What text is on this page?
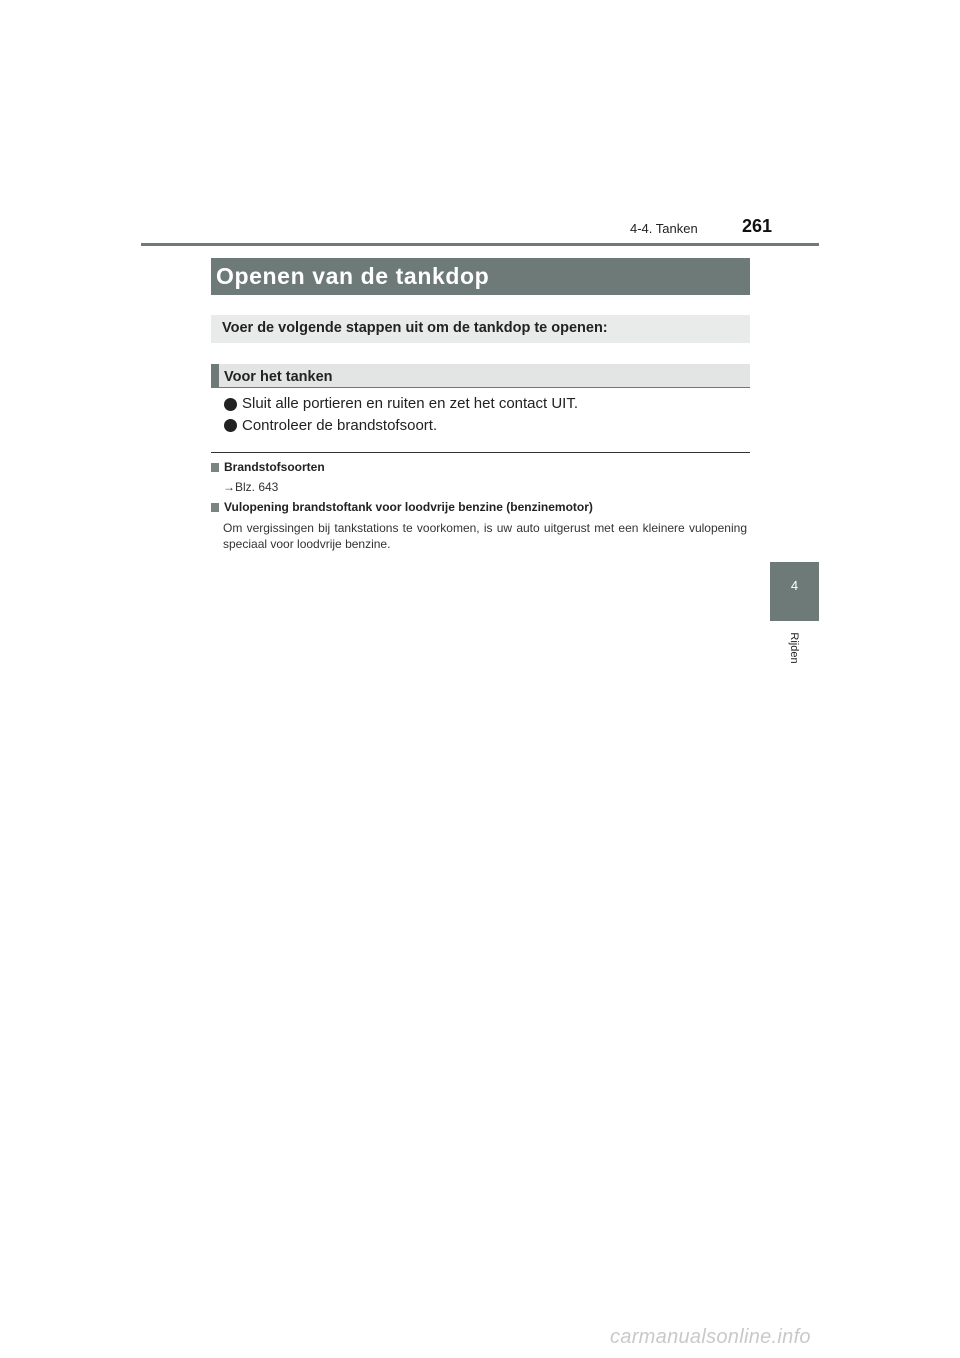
4-4. Tanken 261
4
Rijden
Openen van de tankdop
Voer de volgende stappen uit om de tankdop te openen:
Voor het tanken
Sluit alle portieren en ruiten en zet het contact UIT.
Controleer de brandstofsoort.
Brandstofsoorten
→Blz. 643
Vulopening brandstoftank voor loodvrije benzine (benzinemotor)
Om vergissingen bij tankstations te voorkomen, is uw auto uitgerust met een kleinere vulopening speciaal voor loodvrije benzine.
carmanualsonline.info
